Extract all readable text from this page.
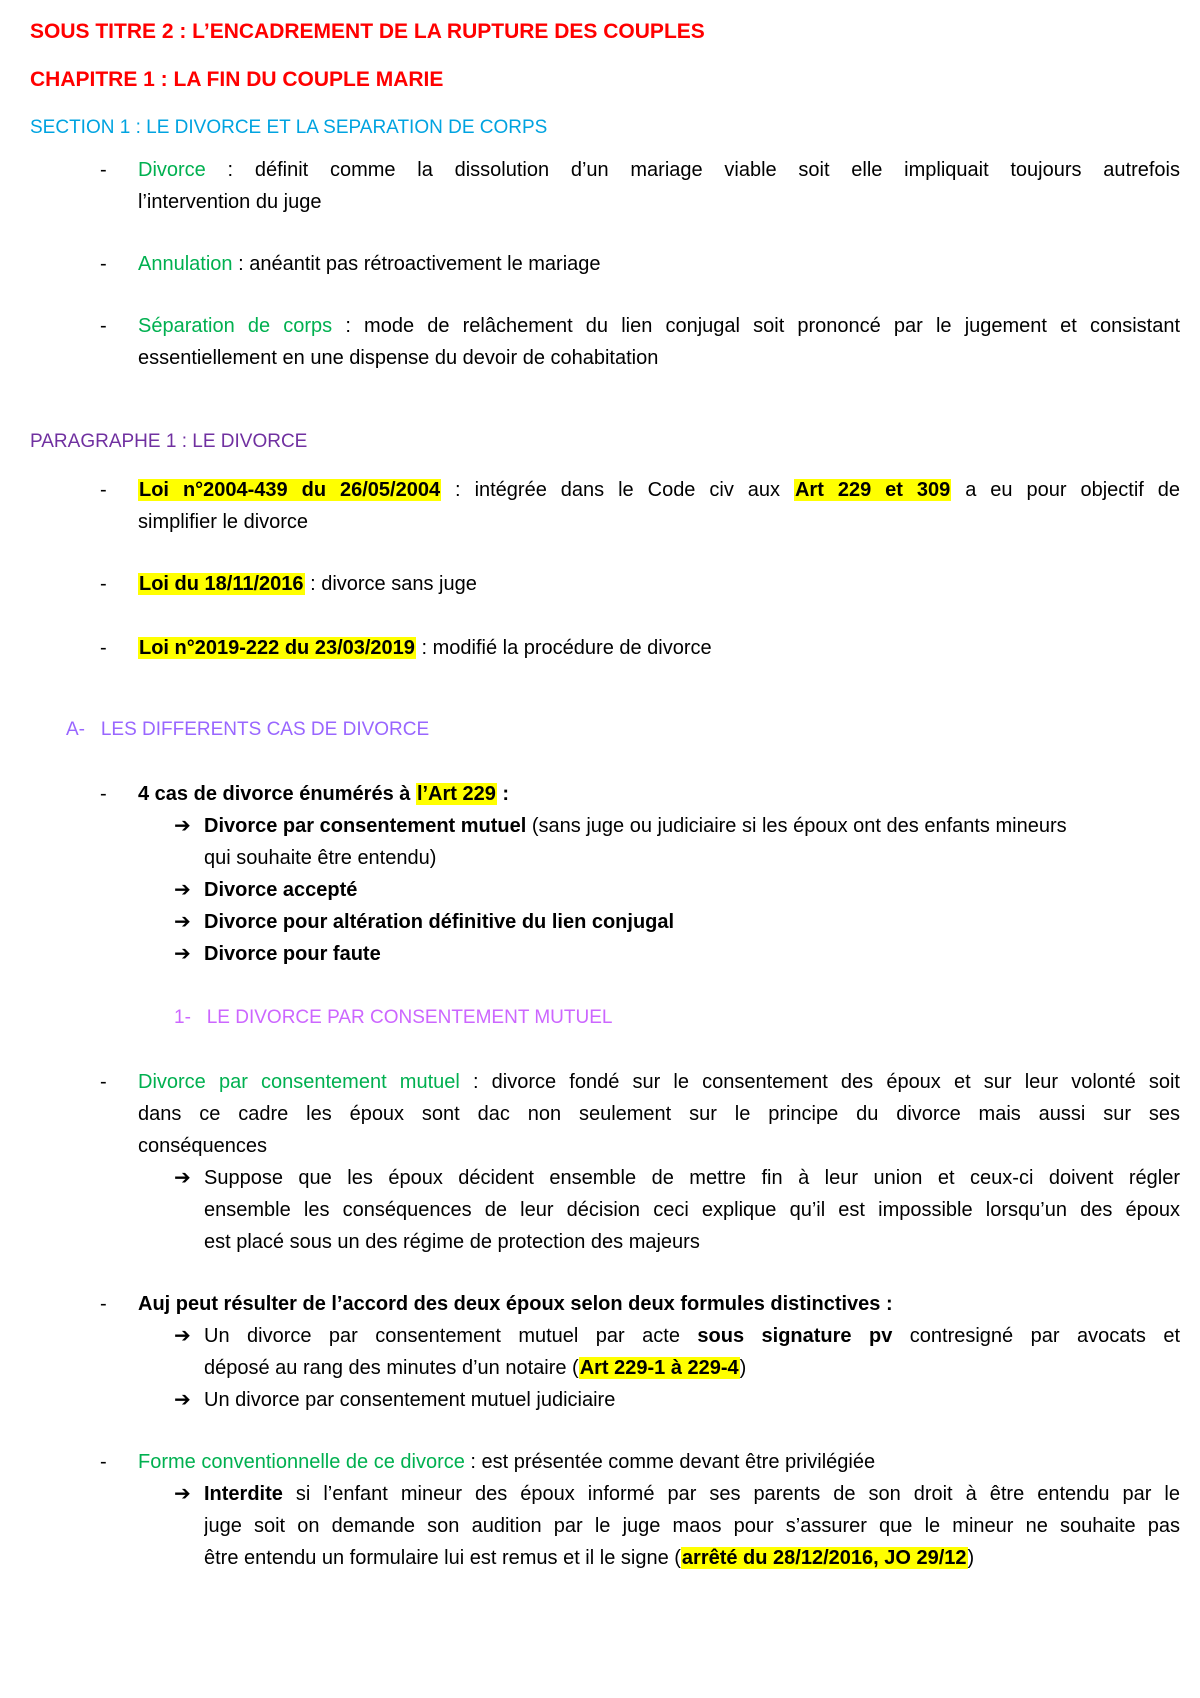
SOUS TITRE 2 : L’ENCADREMENT DE LA RUPTURE DES COUPLES
CHAPITRE 1 : LA FIN DU COUPLE MARIE
SECTION 1 : LE DIVORCE ET LA SEPARATION DE CORPS
- Divorce : définit comme la dissolution d’un mariage viable soit elle impliquait toujours autrefois
l’intervention du juge
- Annulation : anéantit pas rétroactivement le mariage
- Séparation de corps : mode de relâchement du lien conjugal soit prononcé par le jugement et consistant
essentiellement en une dispense du devoir de cohabitation
PARAGRAPHE 1 : LE DIVORCE
- Loi n°2004-439 du 26/05/2004 : intégrée dans le Code civ aux Art 229 et 309 a eu pour objectif de
simplifier le divorce
- Loi du 18/11/2016 : divorce sans juge
- Loi n°2019-222 du 23/03/2019 : modifié la procédure de divorce
A-   LES DIFFERENTS CAS DE DIVORCE
- 4 cas de divorce énumérés à l’Art 229 :
➔ Divorce par consentement mutuel (sans juge ou judiciaire si les époux ont des enfants mineurs
qui souhaite être entendu)
➔ Divorce accepté
➔ Divorce pour altération définitive du lien conjugal
➔ Divorce pour faute
1-   LE DIVORCE PAR CONSENTEMENT MUTUEL
- Divorce par consentement mutuel : divorce fondé sur le consentement des époux et sur leur volonté soit
dans ce cadre les époux sont dac non seulement sur le principe du divorce mais aussi sur ses
conséquences
➔ Suppose que les époux décident ensemble de mettre fin à leur union et ceux-ci doivent régler
ensemble les conséquences de leur décision ceci explique qu’il est impossible lorsqu’un des époux
est placé sous un des régime de protection des majeurs
- Auj peut résulter de l’accord des deux époux selon deux formules distinctives :
➔ Un divorce par consentement mutuel par acte sous signature pv contresigné par avocats et
déposé au rang des minutes d’un notaire (Art 229-1 à 229-4)
➔ Un divorce par consentement mutuel judiciaire
- Forme conventionnelle de ce divorce : est présentée comme devant être privilégiée
➔ Interdite si l’enfant mineur des époux informé par ses parents de son droit à être entendu par le
juge soit on demande son audition par le juge maos pour s’assurer que le mineur ne souhaite pas
être entendu un formulaire lui est remus et il le signe (arrêté du 28/12/2016, JO 29/12)
